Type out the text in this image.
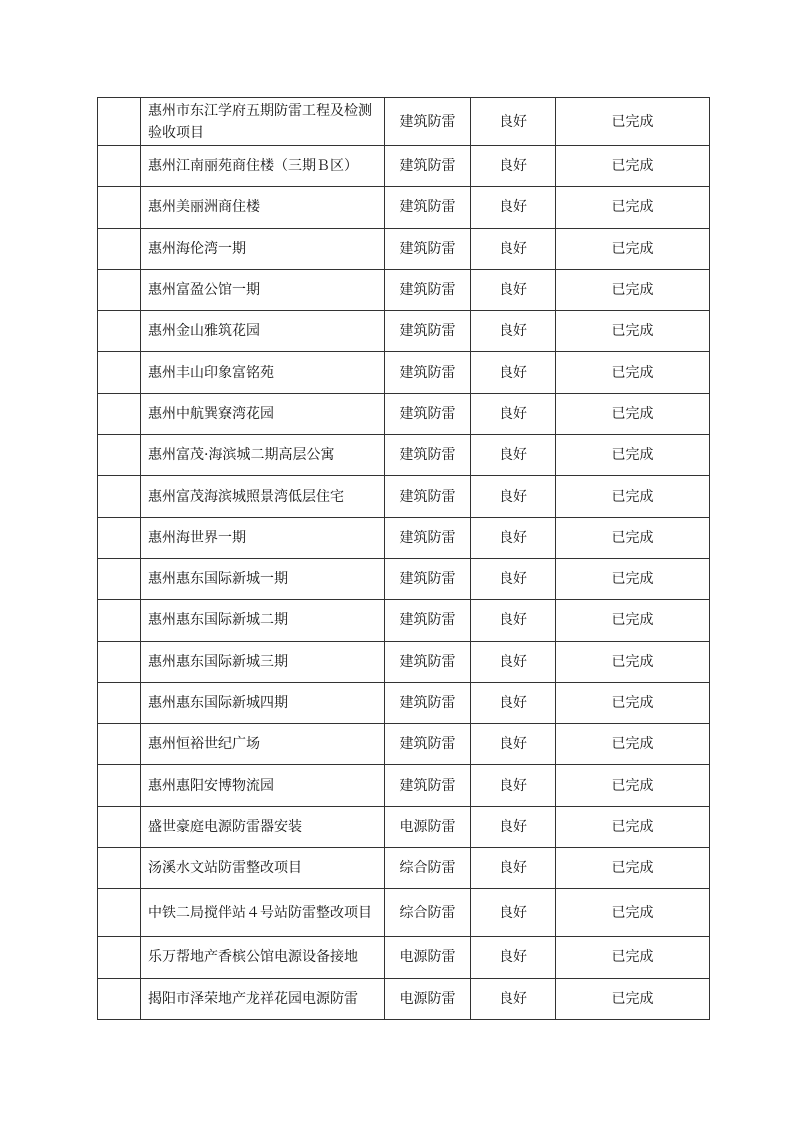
	惠州市东江学府五期防雷工程及检测验收项目	建筑防雷	良好	已完成
	惠州江南丽苑商住楼（三期Ｂ区）	建筑防雷	良好	已完成
	惠州美丽洲商住楼	建筑防雷	良好	已完成
	惠州海伦湾一期	建筑防雷	良好	已完成
	惠州富盈公馆一期	建筑防雷	良好	已完成
	惠州金山雅筑花园	建筑防雷	良好	已完成
	惠州丰山印象富铭苑	建筑防雷	良好	已完成
	惠州中航巽寮湾花园	建筑防雷	良好	已完成
	惠州富茂·海滨城二期高层公寓	建筑防雷	良好	已完成
	惠州富茂海滨城照景湾低层住宅	建筑防雷	良好	已完成
	惠州海世界一期	建筑防雷	良好	已完成
	惠州惠东国际新城一期	建筑防雷	良好	已完成
	惠州惠东国际新城二期	建筑防雷	良好	已完成
	惠州惠东国际新城三期	建筑防雷	良好	已完成
	惠州惠东国际新城四期	建筑防雷	良好	已完成
	惠州恒裕世纪广场	建筑防雷	良好	已完成
	惠州惠阳安博物流园	建筑防雷	良好	已完成
	盛世豪庭电源防雷器安装	电源防雷	良好	已完成
	汤溪水文站防雷整改项目	综合防雷	良好	已完成
	中铁二局搅伴站４号站防雷整改项目	综合防雷	良好	已完成
	乐万帮地产香槟公馆电源设备接地	电源防雷	良好	已完成
	揭阳市泽荣地产龙祥花园电源防雷	电源防雷	良好	已完成
